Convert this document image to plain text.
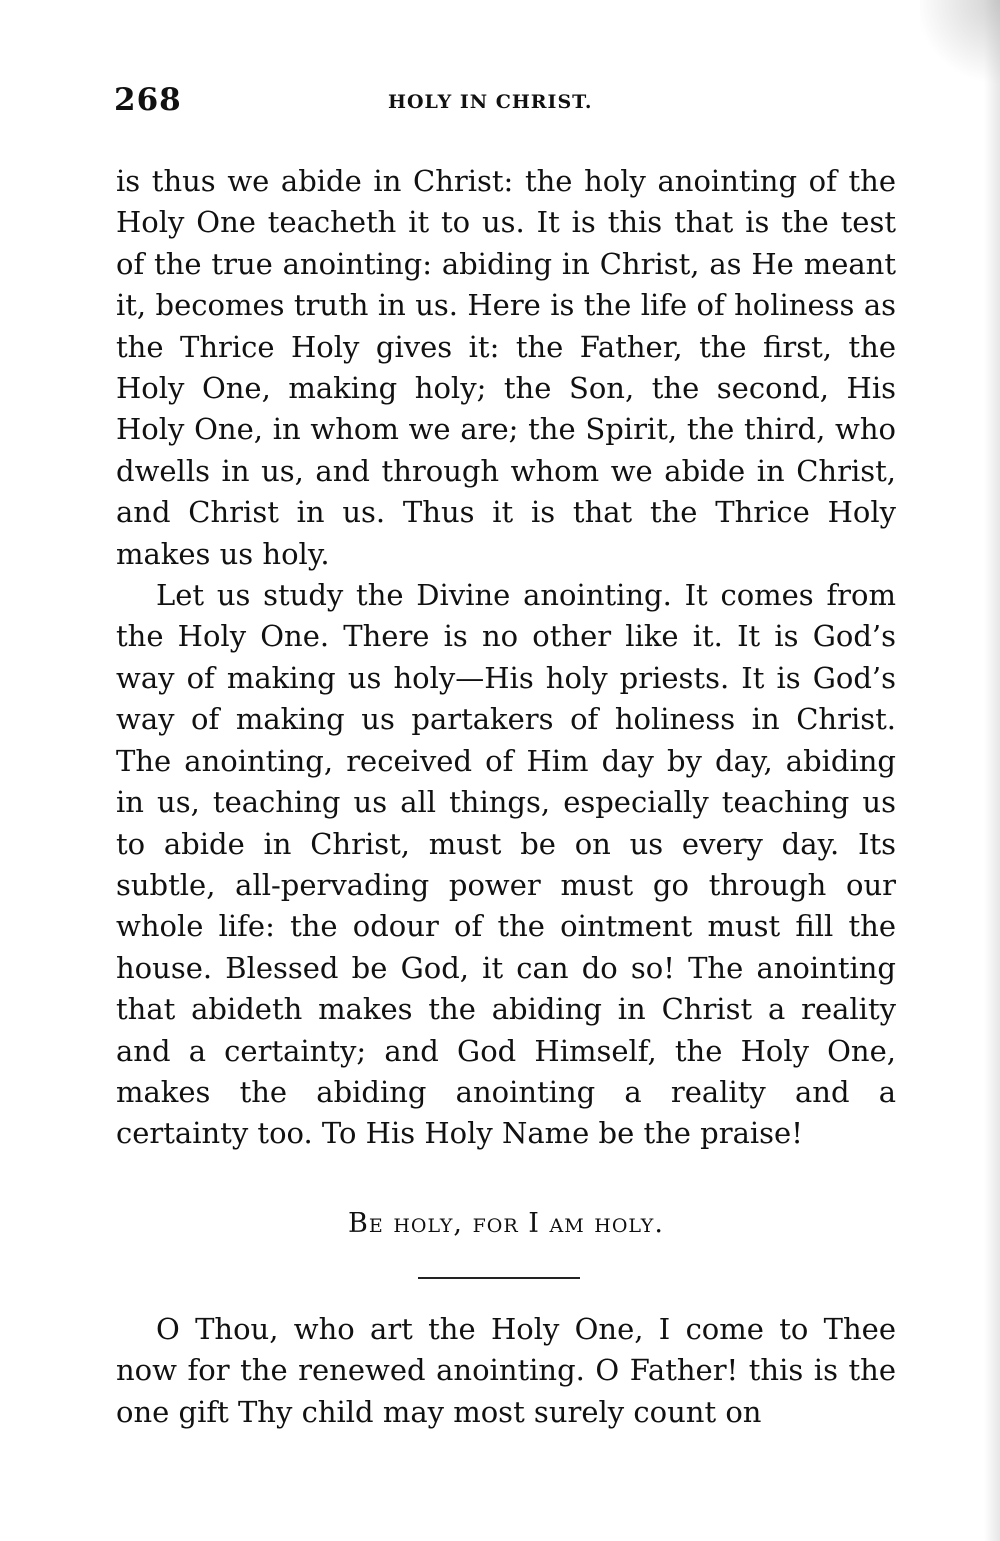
268	HOLY IN CHRIST.

is thus we abide in Christ: the holy anointing of the Holy One teacheth it to us. It is this that is the test of the true anointing: abiding in Christ, as He meant it, becomes truth in us. Here is the life of holiness as the Thrice Holy gives it: the Father, the first, the Holy One, making holy; the Son, the second, His Holy One, in whom we are; the Spirit, the third, who dwells in us, and through whom we abide in Christ, and Christ in us. Thus it is that the Thrice Holy makes us holy.

Let us study the Divine anointing. It comes from the Holy One. There is no other like it. It is God’s way of making us holy—His holy priests. It is God’s way of making us partakers of holiness in Christ. The anointing, received of Him day by day, abiding in us, teaching us all things, especially teaching us to abide in Christ, must be on us every day. Its subtle, all-pervading power must go through our whole life: the odour of the ointment must fill the house. Blessed be God, it can do so! The anointing that abideth makes the abiding in Christ a reality and a certainty; and God Himself, the Holy One, makes the abiding anointing a reality and a certainty too. To His Holy Name be the praise!

Be holy, for I am holy.

O Thou, who art the Holy One, I come to Thee now for the renewed anointing. O Father! this is the one gift Thy child may most surely count on
